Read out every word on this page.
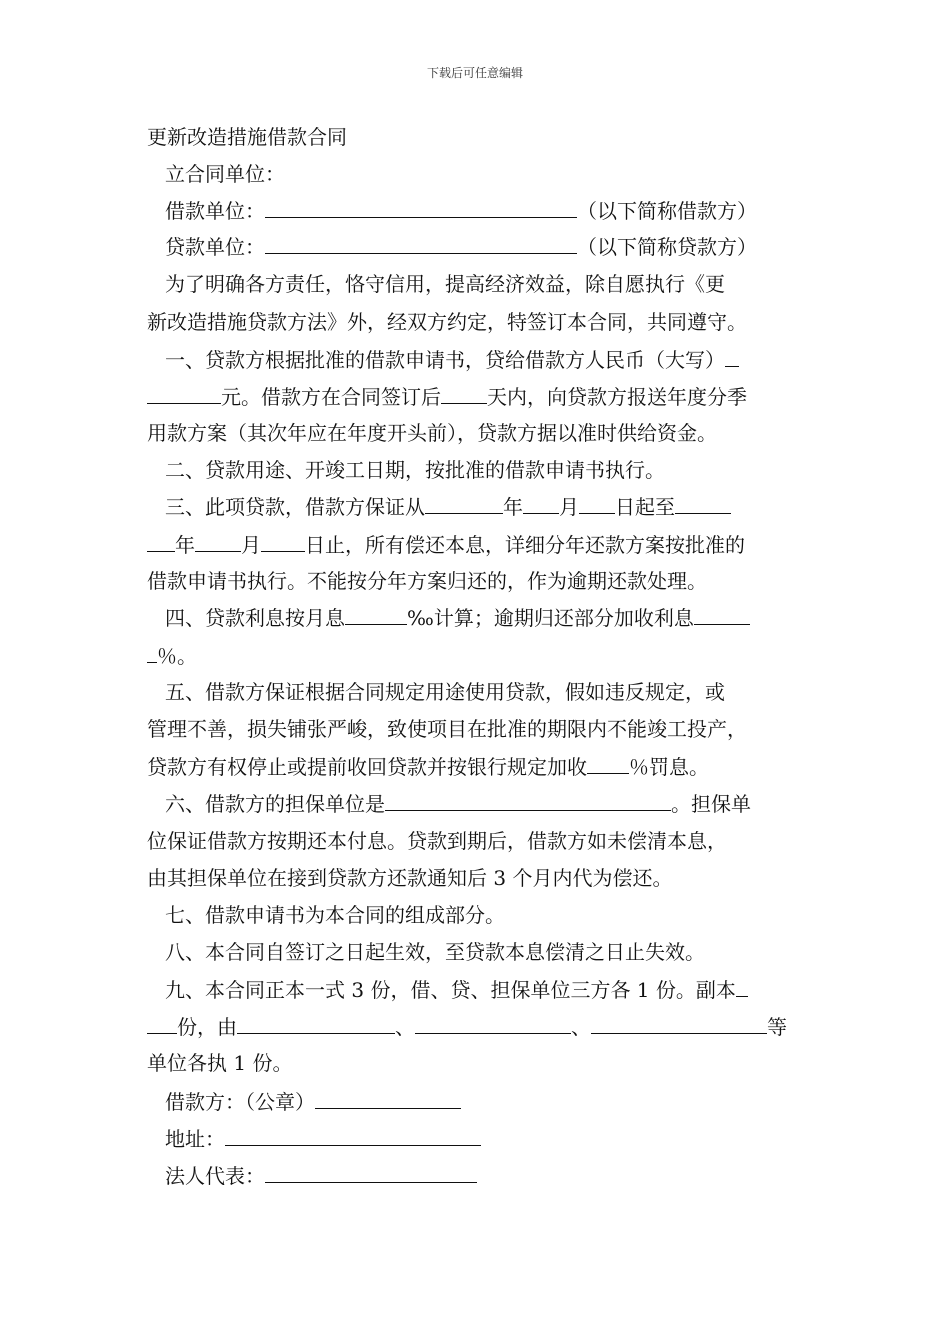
下载后可任意编辑
更新改造措施借款合同
立合同单位：
借款单位：	（以下简称借款方）
贷款单位：	（以下简称贷款方）
为了明确各方责任，恪守信用，提高经济效益，除自愿执行《更
新改造措施贷款方法》外，经双方约定，特签订本合同，共同遵守。
一、贷款方根据批准的借款申请书，贷给借款方人民币（大写）
元。借款方在合同签订后 天内，向贷款方报送年度分季
用款方案（其次年应在年度开头前），贷款方据以准时供给资金。
二、贷款用途、开竣工日期，按批准的借款申请书执行。
三、此项贷款，借款方保证从	年 月 日起至
年 月 日止，所有偿还本息，详细分年还款方案按批准的
借款申请书执行。不能按分年方案归还的，作为逾期还款处理。
四、贷款利息按月息	‰计算；逾期归还部分加收利息
％。
五、借款方保证根据合同规定用途使用贷款，假如违反规定，或
管理不善，损失铺张严峻，致使项目在批准的期限内不能竣工投产，
贷款方有权停止或提前收回贷款并按银行规定加收 ％罚息。
六、借款方的担保单位是	。担保单
位保证借款方按期还本付息。贷款到期后，借款方如未偿清本息，
由其担保单位在接到贷款方还款通知后 3 个月内代为偿还。
七、借款申请书为本合同的组成部分。
八、本合同自签订之日起生效，至贷款本息偿清之日止失效。
九、本合同正本一式 3 份，借、贷、担保单位三方各 1 份。副本
份，由	、	、	等
单位各执 1 份。
借款方：（公章）
地址：
法人代表：
